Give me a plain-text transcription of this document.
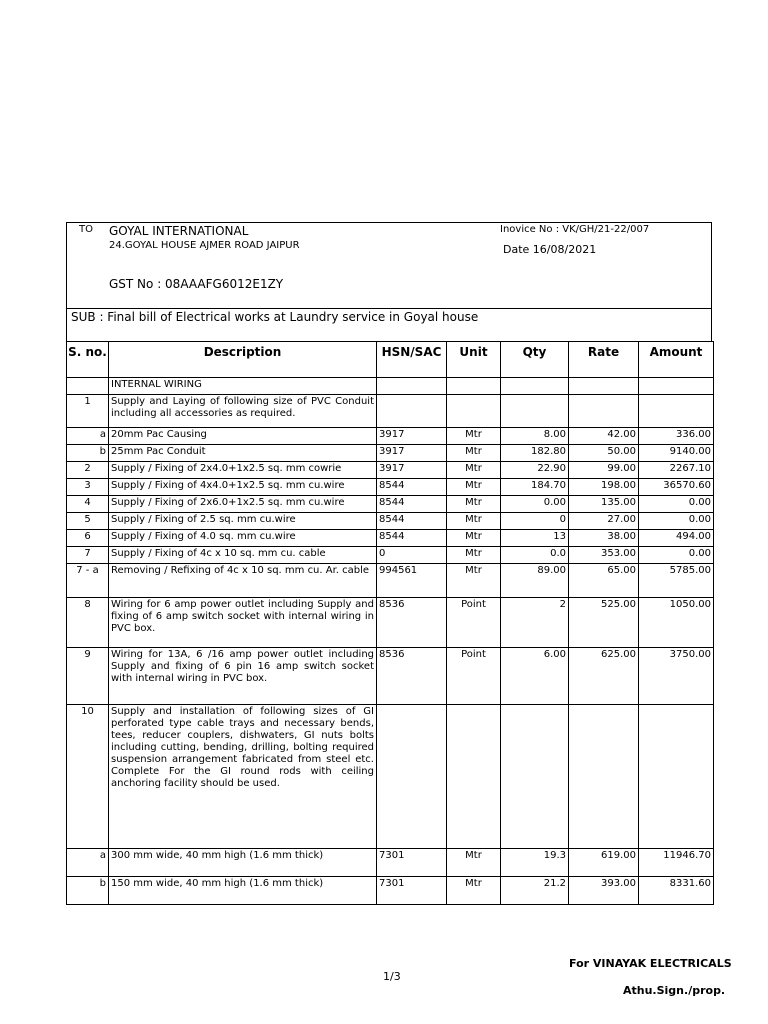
TO GOYAL INTERNATIONAL
24.GOYAL HOUSE AJMER ROAD JAIPUR
GST No : 08AAAFG6012E1ZY
Inovice No : VK/GH/21-22/007
Date 16/08/2021
SUB : Final bill of Electrical works at Laundry service in Goyal house
S. no.	Description	HSN/SAC	Unit	Qty	Rate	Amount
	INTERNAL WIRING					
1	Supply and Laying of following size of PVC Conduit including all accessories as required.					
a	20mm Pac Causing	3917	Mtr	8.00	42.00	336.00
b	25mm Pac Conduit	3917	Mtr	182.80	50.00	9140.00
2	Supply / Fixing of 2x4.0+1x2.5 sq. mm cowrie	3917	Mtr	22.90	99.00	2267.10
3	Supply / Fixing of 4x4.0+1x2.5 sq. mm cu.wire	8544	Mtr	184.70	198.00	36570.60
4	Supply / Fixing of 2x6.0+1x2.5 sq. mm cu.wire	8544	Mtr	0.00	135.00	0.00
5	Supply / Fixing of 2.5 sq. mm cu.wire	8544	Mtr	0	27.00	0.00
6	Supply / Fixing of 4.0 sq. mm cu.wire	8544	Mtr	13	38.00	494.00
7	Supply / Fixing of 4c x 10 sq. mm cu. cable	0	Mtr	0.0	353.00	0.00
7 - a	Removing / Refixing of 4c x 10 sq. mm cu. Ar. cable	994561	Mtr	89.00	65.00	5785.00
8	Wiring for 6 amp power outlet including Supply and fixing of 6 amp switch socket with internal wiring in PVC box.	8536	Point	2	525.00	1050.00
9	Wiring for 13A, 6 /16 amp power outlet including Supply and fixing of 6 pin 16 amp switch socket with internal wiring in PVC box.	8536	Point	6.00	625.00	3750.00
10	Supply and installation of following sizes of GI perforated type cable trays and necessary bends, tees, reducer couplers, dishwaters, GI nuts bolts including cutting, bending, drilling, bolting required suspension arrangement fabricated from steel etc. Complete For the GI round rods with ceiling anchoring facility should be used.					
a	300 mm wide, 40 mm high (1.6 mm thick)	7301	Mtr	19.3	619.00	11946.70
b	150 mm wide, 40 mm high (1.6 mm thick)	7301	Mtr	21.2	393.00	8331.60
For VINAYAK ELECTRICALS
1/3
Athu.Sign./prop.
